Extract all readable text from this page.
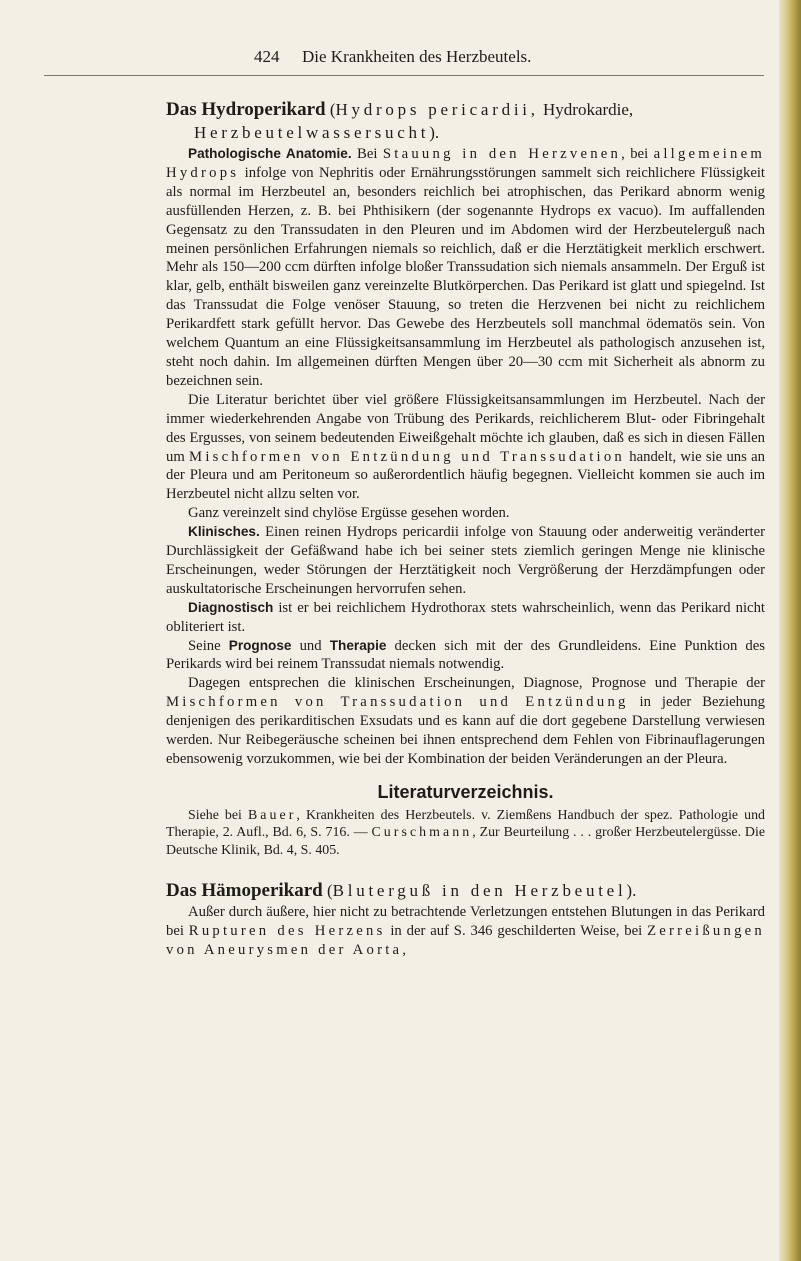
424 Die Krankheiten des Herzbeutels.
Das Hydroperikard (Hydrops pericardii, Hydrokardie,
Herzbeutelwassersucht).

Pathologische Anatomie. Bei Stauung in den Herzvenen, bei allgemeinem Hydrops infolge von Nephritis oder Ernährungsstörungen sammelt sich reichlichere Flüssigkeit als normal im Herzbeutel an, besonders reichlich bei atrophischen, das Perikard abnorm wenig ausfüllenden Herzen, z. B. bei Phthisikern (der sogenannte Hydrops ex vacuo). Im auffallenden Gegensatz zu den Transsudaten in den Pleuren und im Abdomen wird der Herzbeutelerguß nach meinen persönlichen Erfahrungen niemals so reichlich, daß er die Herztätigkeit merklich erschwert. Mehr als 150—200 ccm dürften infolge bloßer Transsudation sich niemals ansammeln. Der Erguß ist klar, gelb, enthält bisweilen ganz vereinzelte Blutkörperchen. Das Perikard ist glatt und spiegelnd. Ist das Transsudat die Folge venöser Stauung, so treten die Herzvenen bei nicht zu reichlichem Perikardfett stark gefüllt hervor. Das Gewebe des Herzbeutels soll manchmal ödematös sein. Von welchem Quantum an eine Flüssigkeitsansammlung im Herzbeutel als pathologisch anzusehen ist, steht noch dahin. Im allgemeinen dürften Mengen über 20—30 ccm mit Sicherheit als abnorm zu bezeichnen sein.

Die Literatur berichtet über viel größere Flüssigkeitsansammlungen im Herzbeutel. Nach der immer wiederkehrenden Angabe von Trübung des Perikards, reichlicherem Blut- oder Fibringehalt des Ergusses, von seinem bedeutenden Eiweißgehalt möchte ich glauben, daß es sich in diesen Fällen um Mischformen von Entzündung und Transsudation handelt, wie sie uns an der Pleura und am Peritoneum so außerordentlich häufig begegnen. Vielleicht kommen sie auch im Herzbeutel nicht allzu selten vor.

Ganz vereinzelt sind chylöse Ergüsse gesehen worden.

Klinisches. Einen reinen Hydrops pericardii infolge von Stauung oder anderweitig veränderter Durchlässigkeit der Gefäßwand habe ich bei seiner stets ziemlich geringen Menge nie klinische Erscheinungen, weder Störungen der Herztätigkeit noch Vergrößerung der Herzdämpfungen oder auskultatorische Erscheinungen hervorrufen sehen.

Diagnostisch ist er bei reichlichem Hydrothorax stets wahrscheinlich, wenn das Perikard nicht obliteriert ist.

Seine Prognose und Therapie decken sich mit der des Grundleidens. Eine Punktion des Perikards wird bei reinem Transsudat niemals notwendig.

Dagegen entsprechen die klinischen Erscheinungen, Diagnose, Prognose und Therapie der Mischformen von Transsudation und Entzündung in jeder Beziehung denjenigen des perikarditischen Exsudats und es kann auf die dort gegebene Darstellung verwiesen werden. Nur Reibegeräusche scheinen bei ihnen entsprechend dem Fehlen von Fibrinauflagerungen ebensowenig vorzukommen, wie bei der Kombination der beiden Veränderungen an der Pleura.

Literaturverzeichnis.

Siehe bei Bauer, Krankheiten des Herzbeutels. v. Ziemßens Handbuch der spez. Pathologie und Therapie, 2. Aufl., Bd. 6, S. 716. — Curschmann, Zur Beurteilung . . . großer Herzbeutelergüsse. Die Deutsche Klinik, Bd. 4, S. 405.

Das Hämoperikard (Bluterguß in den Herzbeutel).

Außer durch äußere, hier nicht zu betrachtende Verletzungen entstehen Blutungen in das Perikard bei Rupturen des Herzens in der auf S. 346 geschilderten Weise, bei Zerreißungen von Aneurysmen der Aorta,
